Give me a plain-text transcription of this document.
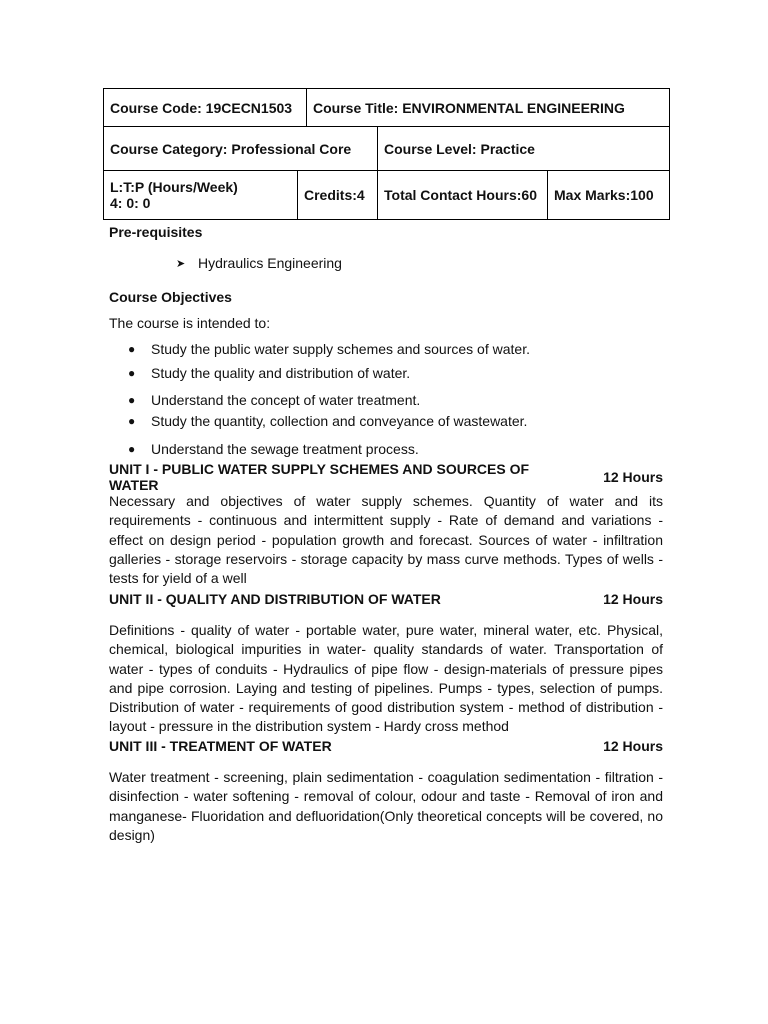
Course Code: 19CECN1503	Course Title: ENVIRONMENTAL ENGINEERING
Course Category: Professional Core	Course Level: Practice
L:T:P (Hours/Week)
4: 0: 0	Credits:4	Total Contact Hours:60	Max Marks:100
Pre-requisites
➤ Hydraulics Engineering
Course Objectives
The course is intended to:
●	Study the public water supply schemes and sources of water.
●	Study the quality and distribution of water.
●	Understand the concept of water treatment.
●	Study the quantity, collection and conveyance of wastewater.
●	Understand the sewage treatment process.
UNIT I - PUBLIC WATER SUPPLY SCHEMES AND SOURCES OF WATER	12 Hours
Necessary and objectives of water supply schemes. Quantity of water and its requirements - continuous and intermittent supply - Rate of demand and variations - effect on design period - population growth and forecast. Sources of water - infiltration galleries - storage reservoirs - storage capacity by mass curve methods. Types of wells - tests for yield of a well
UNIT II - QUALITY AND DISTRIBUTION OF WATER	12 Hours
Definitions - quality of water - portable water, pure water, mineral water, etc. Physical, chemical, biological impurities in water- quality standards of water. Transportation of water - types of conduits - Hydraulics of pipe flow - design-materials of pressure pipes and pipe corrosion. Laying and testing of pipelines. Pumps - types, selection of pumps. Distribution of water - requirements of good distribution system - method of distribution - layout - pressure in the distribution system - Hardy cross method
UNIT III - TREATMENT OF WATER	12 Hours
Water treatment - screening, plain sedimentation - coagulation sedimentation - filtration - disinfection - water softening - removal of colour, odour and taste - Removal of iron and manganese- Fluoridation and defluoridation(Only theoretical concepts will be covered, no design)
